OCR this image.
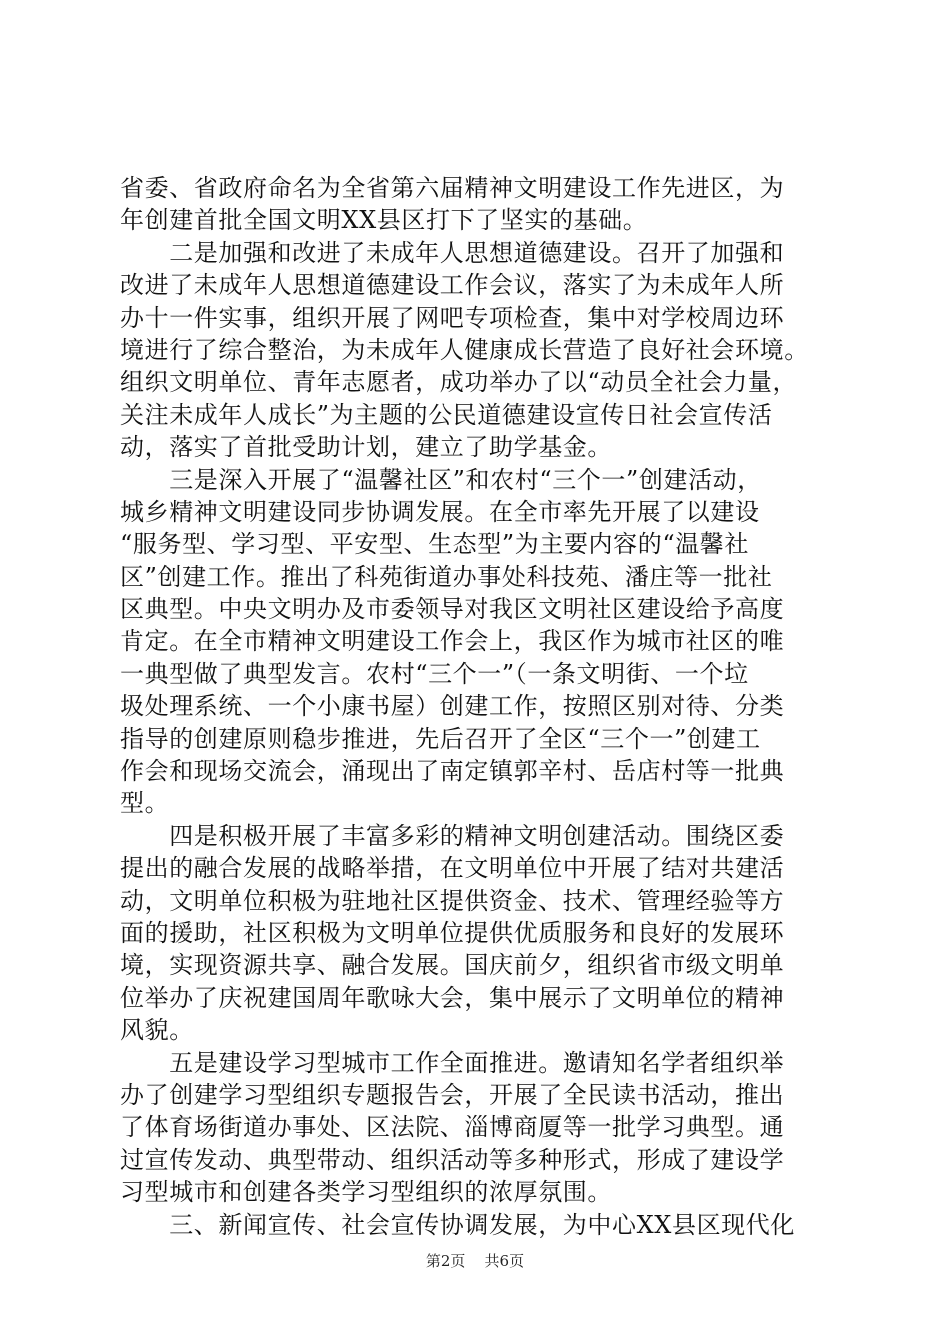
省委、省政府命名为全省第六届精神文明建设工作先进区，为
年创建首批全国文明XX县区打下了坚实的基础。
　　二是加强和改进了未成年人思想道德建设。召开了加强和
改进了未成年人思想道德建设工作会议，落实了为未成年人所
办十一件实事，组织开展了网吧专项检查，集中对学校周边环
境进行了综合整治，为未成年人健康成长营造了良好社会环境。
组织文明单位、青年志愿者，成功举办了以“动员全社会力量，
关注未成年人成长”为主题的公民道德建设宣传日社会宣传活
动，落实了首批受助计划，建立了助学基金。
　　三是深入开展了“温馨社区”和农村“三个一”创建活动，
城乡精神文明建设同步协调发展。在全市率先开展了以建设
“服务型、学习型、平安型、生态型”为主要内容的“温馨社
区”创建工作。推出了科苑街道办事处科技苑、潘庄等一批社
区典型。中央文明办及市委领导对我区文明社区建设给予高度
肯定。在全市精神文明建设工作会上，我区作为城市社区的唯
一典型做了典型发言。农村“三个一”（一条文明街、一个垃
圾处理系统、一个小康书屋）创建工作，按照区别对待、分类
指导的创建原则稳步推进，先后召开了全区“三个一”创建工
作会和现场交流会，涌现出了南定镇郭辛村、岳店村等一批典
型。
　　四是积极开展了丰富多彩的精神文明创建活动。围绕区委
提出的融合发展的战略举措，在文明单位中开展了结对共建活
动，文明单位积极为驻地社区提供资金、技术、管理经验等方
面的援助，社区积极为文明单位提供优质服务和良好的发展环
境，实现资源共享、融合发展。国庆前夕，组织省市级文明单
位举办了庆祝建国周年歌咏大会，集中展示了文明单位的精神
风貌。
　　五是建设学习型城市工作全面推进。邀请知名学者组织举
办了创建学习型组织专题报告会，开展了全民读书活动，推出
了体育场街道办事处、区法院、淄博商厦等一批学习典型。通
过宣传发动、典型带动、组织活动等多种形式，形成了建设学
习型城市和创建各类学习型组织的浓厚氛围。
　　三、新闻宣传、社会宣传协调发展，为中心XX县区现代化
第2页 共6页
